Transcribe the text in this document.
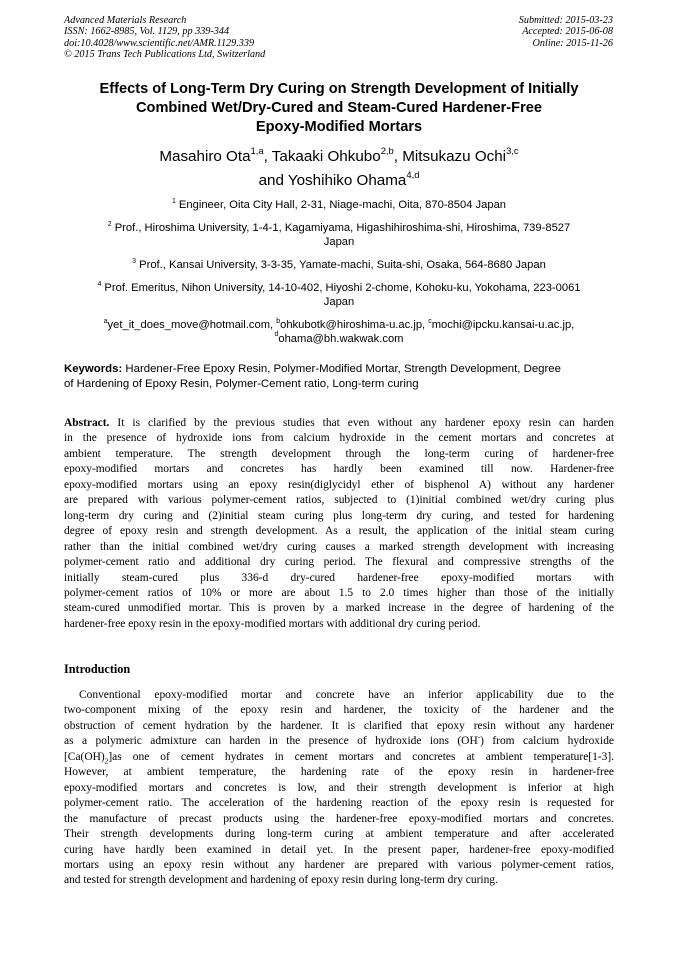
Advanced Materials Research
ISSN: 1662-8985, Vol. 1129, pp 339-344
doi:10.4028/www.scientific.net/AMR.1129.339
© 2015 Trans Tech Publications Ltd, Switzerland
Submitted: 2015-03-23
Accepted: 2015-06-08
Online: 2015-11-26
Effects of Long-Term Dry Curing on Strength Development of Initially
Combined Wet/Dry-Cured and Steam-Cured Hardener-Free
Epoxy-Modified Mortars
Masahiro Ota$^{1,a}$, Takaaki Ohkubo$^{2,b}$, Mitsukazu Ochi$^{3,c}$
and Yoshihiko Ohama$^{4,d}$
$^1$ Engineer, Oita City Hall, 2-31, Niage-machi, Oita, 870-8504 Japan
$^2$ Prof., Hiroshima University, 1-4-1, Kagamiyama, Higashihiroshima-shi, Hiroshima, 739-8527
Japan
$^3$ Prof., Kansai University, 3-3-35, Yamate-machi, Suita-shi, Osaka, 564-8680 Japan
$^4$ Prof. Emeritus, Nihon University, 14-10-402, Hiyoshi 2-chome, Kohoku-ku, Yokohama, 223-0061
Japan
$^a$yet_it_does_move@hotmail.com, $^b$ohkubotk@hiroshima-u.ac.jp, $^c$mochi@ipcku.kansai-u.ac.jp,
$^d$ohama@bh.wakwak.com
Keywords: Hardener-Free Epoxy Resin, Polymer-Modified Mortar, Strength Development, Degree
of Hardening of Epoxy Resin, Polymer-Cement ratio, Long-term curing
Abstract. It is clarified by the previous studies that even without any hardener epoxy resin can harden
in the presence of hydroxide ions from calcium hydroxide in the cement mortars and concretes at
ambient temperature. The strength development through the long-term curing of hardener-free
epoxy-modified mortars and concretes has hardly been examined till now. Hardener-free
epoxy-modified mortars using an epoxy resin(diglycidyl ether of bisphenol A) without any hardener
are prepared with various polymer-cement ratios, subjected to (1)initial combined wet/dry curing plus
long-term dry curing and (2)initial steam curing plus long-term dry curing, and tested for hardening
degree of epoxy resin and strength development. As a result, the application of the initial steam curing
rather than the initial combined wet/dry curing causes a marked strength development with increasing
polymer-cement ratio and additional dry curing period. The flexural and compressive strengths of the
initially steam-cured plus 336-d dry-cured hardener-free epoxy-modified mortars with
polymer-cement ratios of 10% or more are about 1.5 to 2.0 times higher than those of the initially
steam-cured unmodified mortar. This is proven by a marked increase in the degree of hardening of the
hardener-free epoxy resin in the epoxy-modified mortars with additional dry curing period.
Introduction
Conventional epoxy-modified mortar and concrete have an inferior applicability due to the
two-component mixing of the epoxy resin and hardener, the toxicity of the hardener and the
obstruction of cement hydration by the hardener. It is clarified that epoxy resin without any hardener
as a polymeric admixture can harden in the presence of hydroxide ions (OH-) from calcium hydroxide
$[Ca(OH)_2]as$ one of cement hydrates in cement mortars and concretes at ambient temperature[1-3].
However, at ambient temperature, the hardening rate of the epoxy resin in hardener-free
epoxy-modified mortars and concretes is low, and their strength development is inferior at high
polymer-cement ratio. The acceleration of the hardening reaction of the epoxy resin is requested for
the manufacture of precast products using the hardener-free epoxy-modified mortars and concretes.
Their strength developments during long-term curing at ambient temperature and after accelerated
curing have hardly been examined in detail yet. In the present paper, hardener-free epoxy-modified
mortars using an epoxy resin without any hardener are prepared with various polymer-cement ratios,
and tested for strength development and hardening of epoxy resin during long-term dry curing.
